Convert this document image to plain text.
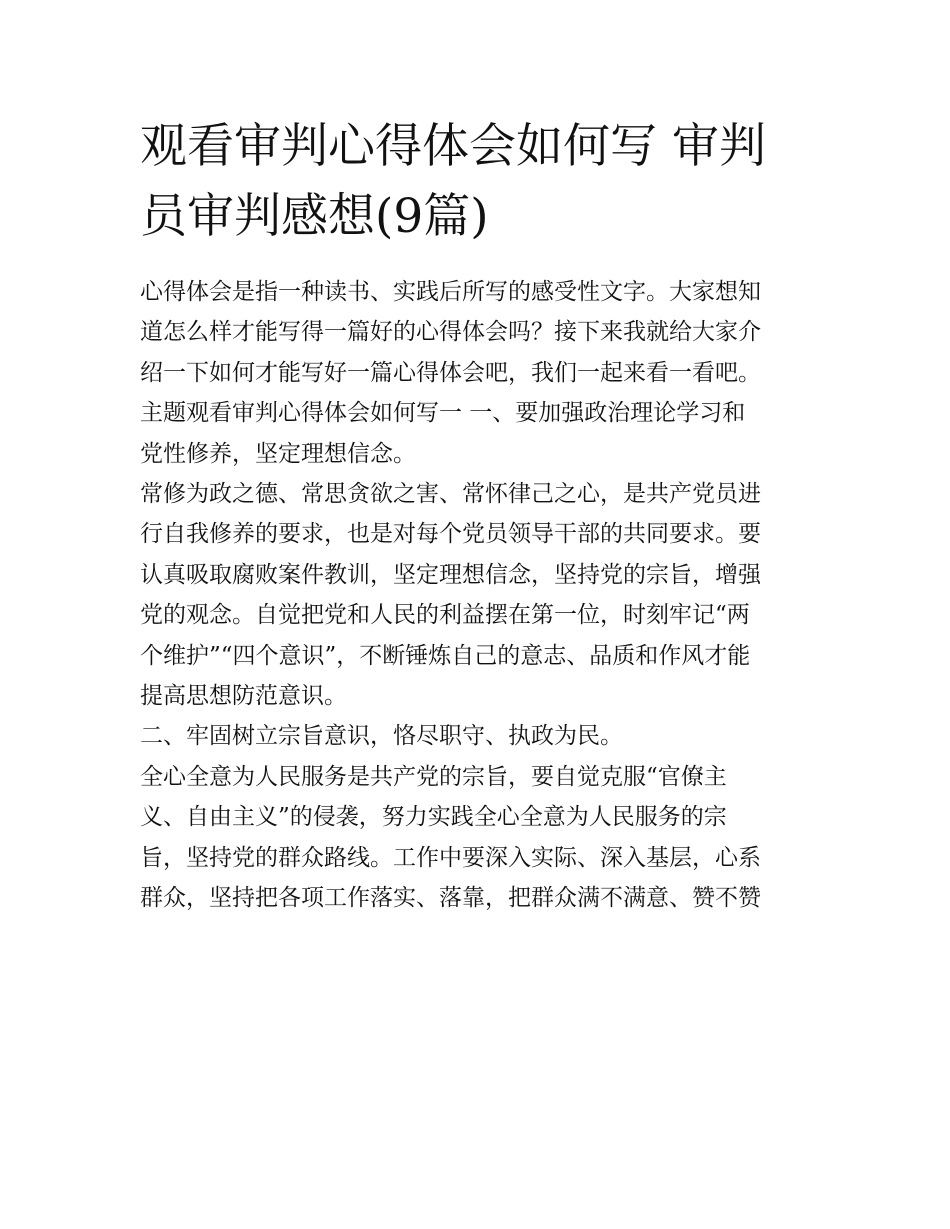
观看审判心得体会如何写 审判
员审判感想(9篇)

心得体会是指一种读书、实践后所写的感受性文字。大家想知
道怎么样才能写得一篇好的心得体会吗？接下来我就给大家介
绍一下如何才能写好一篇心得体会吧，我们一起来看一看吧。

主题观看审判心得体会如何写一 一、要加强政治理论学习和
党性修养，坚定理想信念。

常修为政之德、常思贪欲之害、常怀律己之心，是共产党员进
行自我修养的要求，也是对每个党员领导干部的共同要求。要
认真吸取腐败案件教训，坚定理想信念，坚持党的宗旨，增强
党的观念。自觉把党和人民的利益摆在第一位，时刻牢记“两
个维护”“四个意识”，不断锤炼自己的意志、品质和作风才能
提高思想防范意识。

二、牢固树立宗旨意识，恪尽职守、执政为民。

全心全意为人民服务是共产党的宗旨，要自觉克服“官僚主
义、自由主义”的侵袭，努力实践全心全意为人民服务的宗
旨，坚持党的群众路线。工作中要深入实际、深入基层，心系
群众，坚持把各项工作落实、落靠，把群众满不满意、赞不赞
